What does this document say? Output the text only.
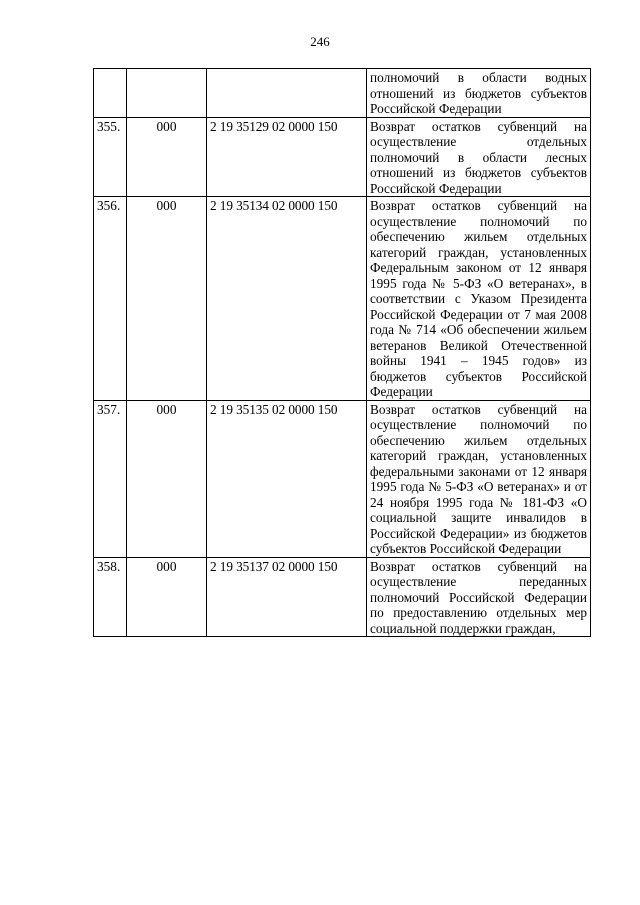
246
			полномочий в области водных отношений из бюджетов субъектов Российской Федерации
355.	000	2 19 35129 02 0000 150	Возврат остатков субвенций на осуществление отдельных полномочий в области лесных отношений из бюджетов субъектов Российской Федерации
356.	000	2 19 35134 02 0000 150	Возврат остатков субвенций на осуществление полномочий по обеспечению жильем отдельных категорий граждан, установленных Федеральным законом от 12 января 1995 года № 5-ФЗ «О ветеранах», в соответствии с Указом Президента Российской Федерации от 7 мая 2008 года № 714 «Об обеспечении жильем ветеранов Великой Отечественной войны 1941 – 1945 годов» из бюджетов субъектов Российской Федерации
357.	000	2 19 35135 02 0000 150	Возврат остатков субвенций на осуществление полномочий по обеспечению жильем отдельных категорий граждан, установленных федеральными законами от 12 января 1995 года № 5-ФЗ «О ветеранах» и от 24 ноября 1995 года № 181-ФЗ «О социальной защите инвалидов в Российской Федерации» из бюджетов субъектов Российской Федерации
358.	000	2 19 35137 02 0000 150	Возврат остатков субвенций на осуществление переданных полномочий Российской Федерации по предоставлению отдельных мер социальной поддержки граждан,
